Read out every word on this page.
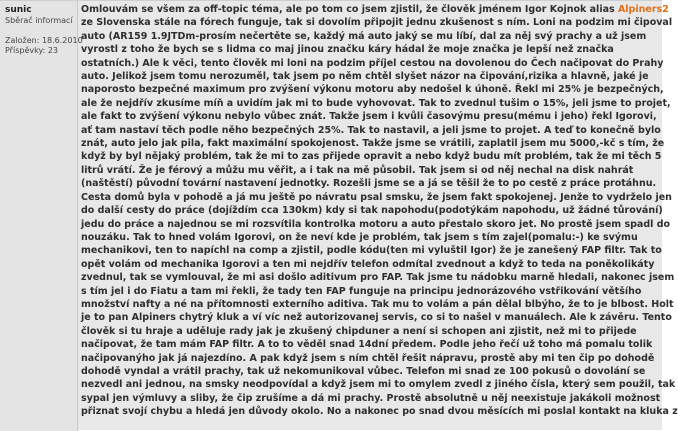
sunic
Sběrač informací
Založen: 18.6.2010
Příspěvky: 23
Omlouvám se všem za off-topic téma, ale po tom co jsem zjistil, že člověk jménem Igor Kojnok alias Alpiners2
ze Slovenska stále na fórech funguje, tak si dovolím připojit jednu zkušenost s ním. Loni na podzim mi čipoval
auto (AR159 1.9JTDm-prosím nečertěte se, každý má auto jaký se mu líbí, dal za něj svý prachy a už jsem
vyrostl z toho že bych se s lidma co maj jinou značku káry hádal že moje značka je lepší než značka
ostatních.) Ale k věci, tento člověk mi loni na podzim příjel cestou na dovolenou do Čech načipovat do Prahy
auto. Jelikož jsem tomu nerozuměl, tak jsem po něm chtěl slyšet názor na čipování,rizika a hlavně, jaké je
naporosto bezpečné maximum pro zvýšení výkonu motoru aby nedošel k úhoně. Řekl mi 25% je bezpečných,
ale že nejdřív zkusíme míň a uvidím jak mi to bude vyhovovat. Tak to zvednul tušim o 15%, jeli jsme to projet,
ale fakt to zvýšení výkonu nebylo vůbec znát. Takže jsem i kvůli časovýmu presu(mému i jeho) řekl Igorovi,
ať tam nastaví těch podle něho bezpečných 25%. Tak to nastavil, a jeli jsme to projet. A teď to konečně bylo
znát, auto jelo jak pila, fakt maximální spokojenost. Takže jsme se vrátili, zaplatil jsem mu 5000,-kč s tím, že
když by byl nějaký problém, tak že mi to zas přijede opravit a nebo když budu mít problém, tak že mi těch 5
litrů vrátí. Že je férový a můžu mu věřit, a i tak na mě působil. Tak jsem si od něj nechal na disk nahrát
(naštěstí) původní tovární nastavení jednotky. Rozešli jsme se a já se těšil že to po cestě z práce protáhnu.
Cesta domů byla v pohodě a já mu ještě po návratu psal smsku, že jsem fakt spokojenej. Jenže to vydrželo jen
do další cesty do práce (dojíždím cca 130km) kdy si tak napohodu(podotýkám napohodu, už žádné tůrování)
jedu do práce a najednou se mi rozsvítila kontrolka motoru a auto přestalo skoro jet. No prostě jsem spadl do
nouzáku. Tak to hned volám Igorovi, on že neví kde je problém, tak jsem s tím zajel(pomalu:-) ke svýmu
mechanikovi, ten to napíchl na comp a zjistil, podle kódu(ten mi vyluštil Igor) že je zanešený FAP filtr. Tak to
opět volám od mechanika Igorovi a ten mi nejdřív telefon odmítal zvednout a když to teda na poněkolikáty
zvednul, tak se vymlouval, že mi asi došlo aditivum pro FAP. Tak jsme tu nádobku marně hledali, nakonec jsem
s tím jel i do Fiatu a tam mi řekli, že tady ten FAP funguje na principu jednorázového vstřikování většího
množství nafty a né na přítomnosti externího aditiva. Tak mu to volám a pán dělal blbýho, že to je blbost. Holt
je to pan Alpiners chytrý kluk a ví víc než autorizovanej servis, co si to našel v manuálech. Ale k závěru. Tento
člověk si tu hraje a uděluje rady jak je zkušený chipduner a není si schopen ani zjistit, než mi to přijede
načipovat, že tam mám FAP filtr. A to to věděl snad 14dní předem. Podle jeho řečí už toho má pomalu tolik
načipovanýho jak já najezdíno. A pak když jsem s ním chtěl řešit nápravu, prostě aby mi ten čip po dohodě
dohodě vyndal a vrátil prachy, tak už nekomunikoval vůbec. Telefon mi snad ze 100 pokusů o dovolání se
nezvedl ani jednou, na smsky neodpovídal a když jsem mi to omylem zvedl z jiného čísla, který sem použil, tak
sypal jen výmluvy a sliby, že čip zrušíme a dá mi prachy. Prostě absolutně u něj neexistuje jakákoli možnost
přiznat svojí chybu a hledá jen důvody okolo. No a nakonec po snad dvou měsících mi poslal kontakt na kluka z
